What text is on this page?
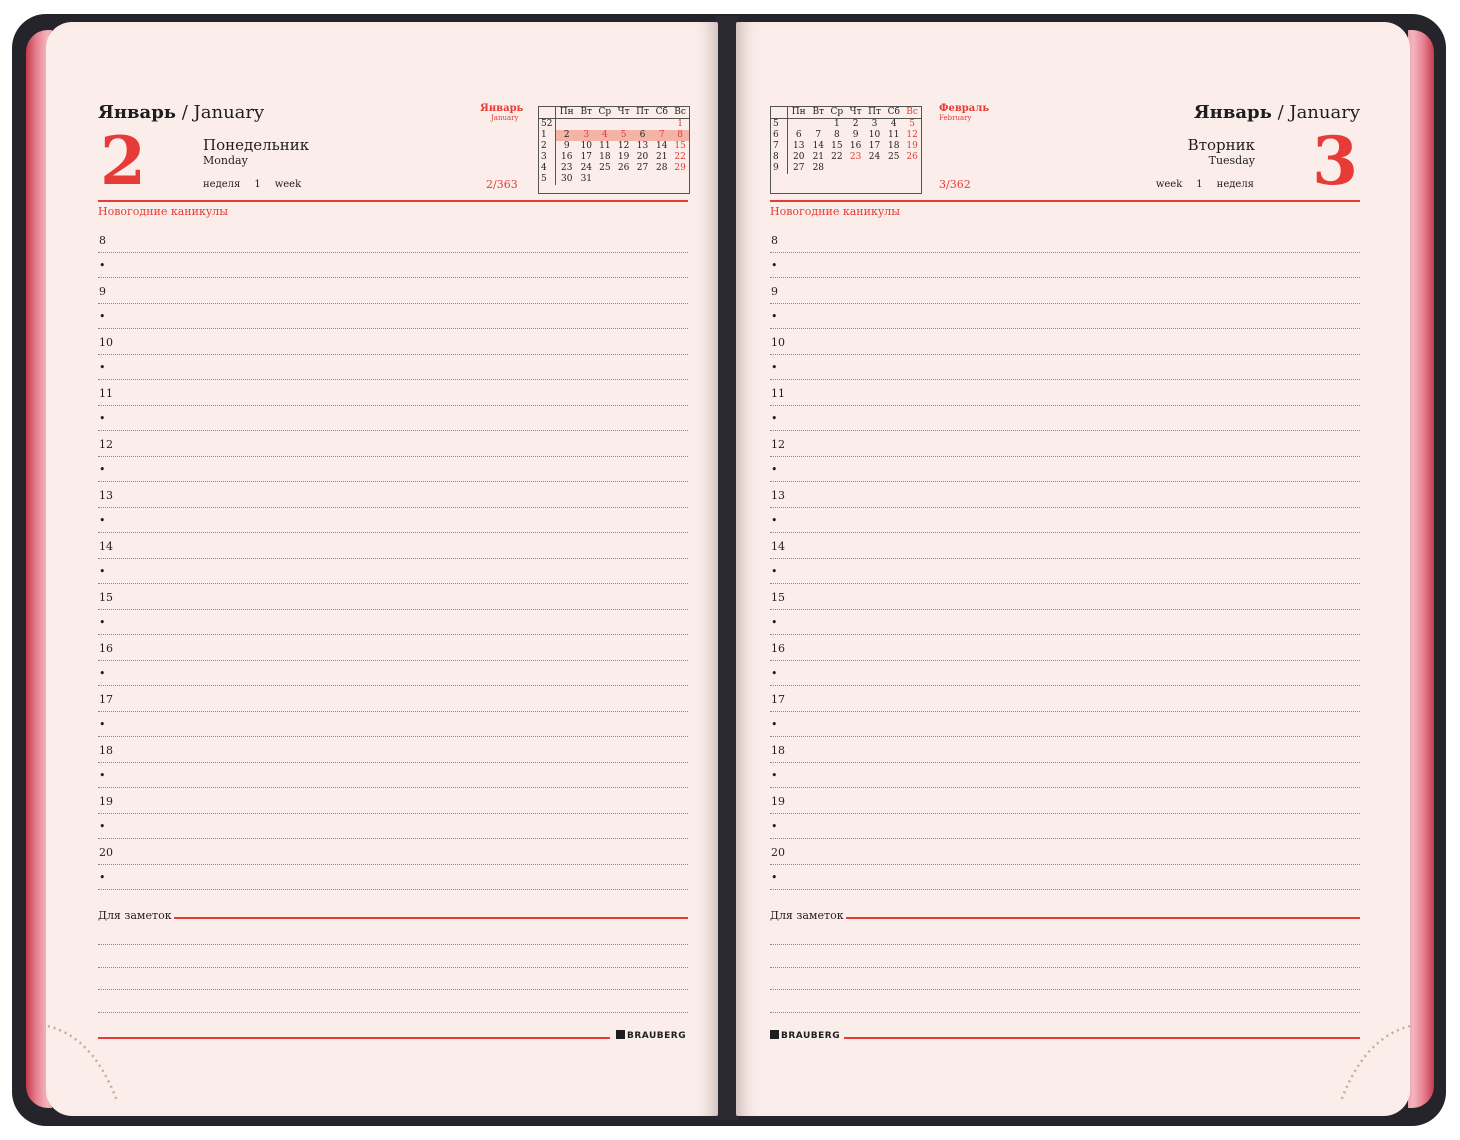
Январь / January
2	Понедельник
Monday
неделя 1 week
Январь
January
2/363
	Пн	Вт	Ср	Чт	Пт	Сб	Вс
52							1
1	2	3	4	5	6	7	8
2	9	10	11	12	13	14	15
3	16	17	18	19	20	21	22
4	23	24	25	26	27	28	29
5	30	31					
Новогодние каникулы
8
•
9
•
10
•
11
•
12
•
13
•
14
•
15
•
16
•
17
•
18
•
19
•
20
•
Для заметок
BRAUBERG
	Пн	Вт	Ср	Чт	Пт	Сб	Вс
5			1	2	3	4	5
6	6	7	8	9	10	11	12
7	13	14	15	16	17	18	19
8	20	21	22	23	24	25	26
9	27	28					
Февраль
February
3/362
Январь / January
Вторник
Tuesday
week 1 неделя 3
Новогодние каникулы
8
•
9
•
10
•
11
•
12
•
13
•
14
•
15
•
16
•
17
•
18
•
19
•
20
•
Для заметок
BRAUBERG
